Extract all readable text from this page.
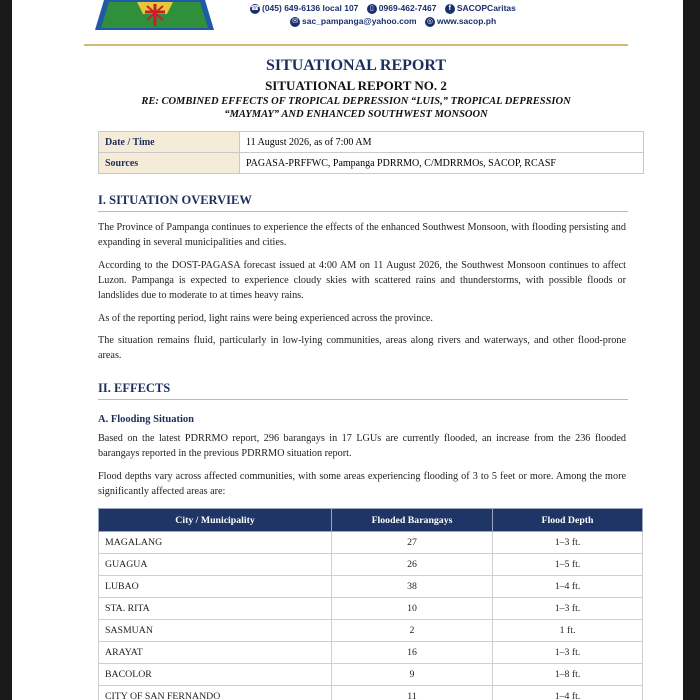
☎ (045) 649-6136 local 107 ▯ 0969-462-7467 f SACOPCaritas
✉ sac_pampanga@yahoo.com ◎ www.sacop.ph
SITUATIONAL REPORT
SITUATIONAL REPORT NO. 2
RE: COMBINED EFFECTS OF TROPICAL DEPRESSION “LUIS,” TROPICAL DEPRESSION
“MAYMAY” AND ENHANCED SOUTHWEST MONSOON
Date / Time	11 August 2026, as of 7:00 AM
Sources	PAGASA-PRFFWC, Pampanga PDRRMO, C/MDRRMOs, SACOP, RCASF
I. SITUATION OVERVIEW
The Province of Pampanga continues to experience the effects of the enhanced Southwest Monsoon, with flooding persisting and expanding in several municipalities and cities.
According to the DOST-PAGASA forecast issued at 4:00 AM on 11 August 2026, the Southwest Monsoon continues to affect Luzon. Pampanga is expected to experience cloudy skies with scattered rains and thunderstorms, with possible floods or landslides due to moderate to at times heavy rains.
As of the reporting period, light rains were being experienced across the province.
The situation remains fluid, particularly in low-lying communities, areas along rivers and waterways, and other flood-prone areas.
II. EFFECTS
A. Flooding Situation
Based on the latest PDRRMO report, 296 barangays in 17 LGUs are currently flooded, an increase from the 236 flooded barangays reported in the previous PDRRMO situation report.
Flood depths vary across affected communities, with some areas experiencing flooding of 3 to 5 feet or more. Among the more significantly affected areas are:
City / Municipality	Flooded Barangays	Flood Depth
MAGALANG	27	1–3 ft.
GUAGUA	26	1–5 ft.
LUBAO	38	1–4 ft.
STA. RITA	10	1–3 ft.
SASMUAN	2	1 ft.
ARAYAT	16	1–3 ft.
BACOLOR	9	1–8 ft.
CITY OF SAN FERNANDO	11	1–4 ft.
